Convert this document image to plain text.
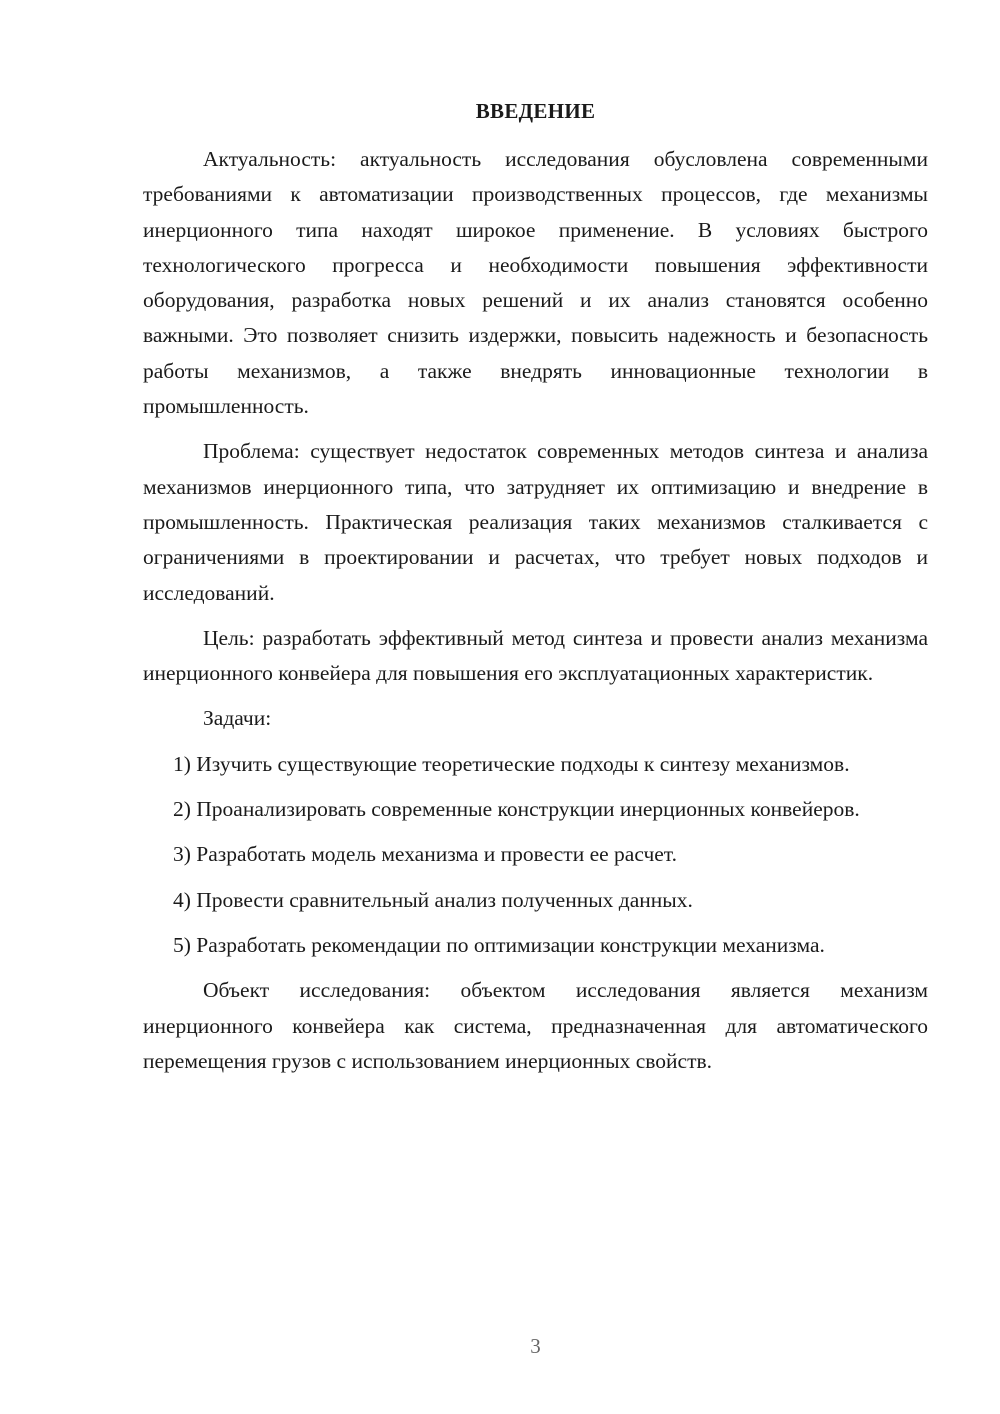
ВВЕДЕНИЕ

Актуальность: актуальность исследования обусловлена современными требованиями к автоматизации производственных процессов, где механизмы инерционного типа находят широкое применение. В условиях быстрого технологического прогресса и необходимости повышения эффективности оборудования, разработка новых решений и их анализ становятся особенно важными. Это позволяет снизить издержки, повысить надежность и безопасность работы механизмов, а также внедрять инновационные технологии в промышленность.

Проблема: существует недостаток современных методов синтеза и анализа механизмов инерционного типа, что затрудняет их оптимизацию и внедрение в промышленность. Практическая реализация таких механизмов сталкивается с ограничениями в проектировании и расчетах, что требует новых подходов и исследований.

Цель: разработать эффективный метод синтеза и провести анализ механизма инерционного конвейера для повышения его эксплуатационных характеристик.

Задачи:

1) Изучить существующие теоретические подходы к синтезу механизмов.

2) Проанализировать современные конструкции инерционных конвейеров.

3) Разработать модель механизма и провести ее расчет.

4) Провести сравнительный анализ полученных данных.

5) Разработать рекомендации по оптимизации конструкции механизма.

Объект исследования: объектом исследования является механизм инерционного конвейера как система, предназначенная для автоматического перемещения грузов с использованием инерционных свойств.

3
